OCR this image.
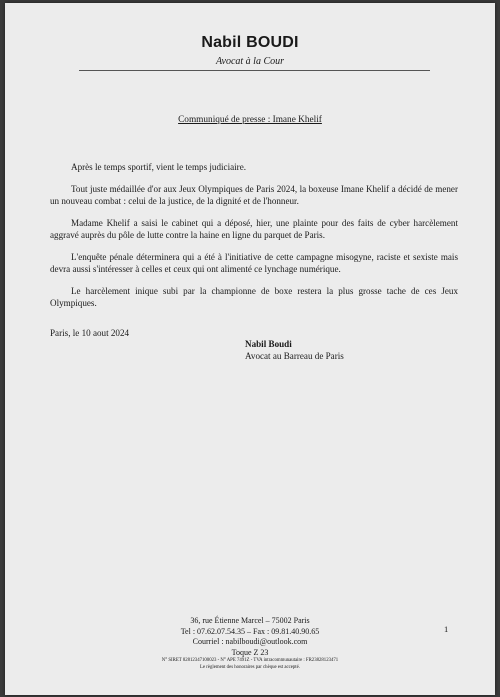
Nabil BOUDI
Avocat à la Cour
Communiqué de presse : Imane Khelif

Après le temps sportif, vient le temps judiciaire.

Tout juste médaillée d'or aux Jeux Olympiques de Paris 2024, la boxeuse Imane Khelif a décidé de mener un nouveau combat : celui de la justice, de la dignité et de l'honneur.

Madame Khelif a saisi le cabinet qui a déposé, hier, une plainte pour des faits de cyber harcèlement aggravé auprès du pôle de lutte contre la haine en ligne du parquet de Paris.

L'enquête pénale déterminera qui a été à l'initiative de cette campagne misogyne, raciste et sexiste mais devra aussi s'intéresser à celles et ceux qui ont alimenté ce lynchage numérique.

Le harcèlement inique subi par la championne de boxe restera la plus grosse tache de ces Jeux Olympiques.

Paris, le 10 aout 2024
Nabil Boudi
Avocat au Barreau de Paris
36, rue Étienne Marcel – 75002 Paris
Tel : 07.62.07.54.35 – Fax : 09.81.40.90.65
Courriel : nabilboudi@outlook.com
Toque Z 23
N° SIRET 82812347100023 - N° APE 7491Z - TVA intracommunautaire : FR23828123471
Le règlement des honoraires par chèque est accepté.
1
